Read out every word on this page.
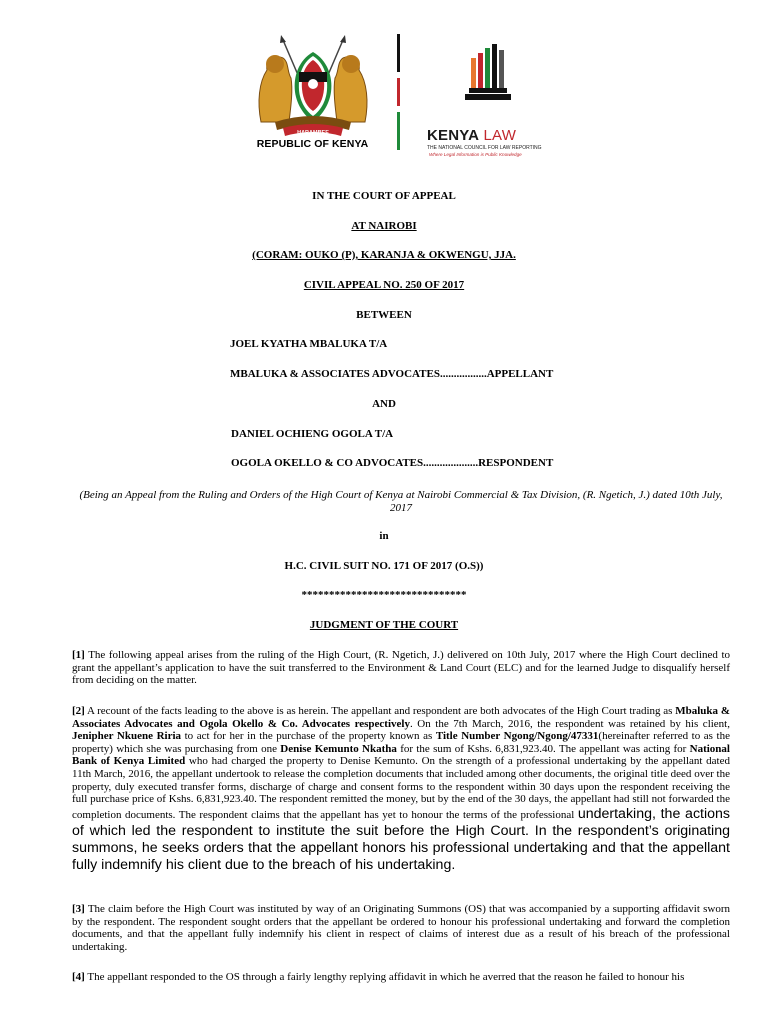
HARAMBEE
REPUBLIC OF KENYA	KENYA LAW
THE NATIONAL COUNCIL FOR LAW REPORTING
Where Legal Information is Public Knowledge
IN THE COURT OF APPEAL
AT NAIROBI
(CORAM: OUKO (P), KARANJA & OKWENGU, JJA.
CIVIL APPEAL NO. 250 OF 2017
BETWEEN
JOEL KYATHA MBALUKA T/A
MBALUKA & ASSOCIATES ADVOCATES.................APPELLANT
AND
DANIEL OCHIENG OGOLA T/A
OGOLA OKELLO & CO ADVOCATES....................RESPONDENT
(Being an Appeal from the Ruling and Orders of the High Court of Kenya at Nairobi Commercial & Tax Division, (R. Ngetich, J.) dated 10th July, 2017
in
H.C. CIVIL SUIT NO. 171 OF 2017 (O.S))
******************************
JUDGMENT OF THE COURT
[1] The following appeal arises from the ruling of the High Court, (R. Ngetich, J.) delivered on 10th July, 2017 where the High Court declined to grant the appellant’s application to have the suit transferred to the Environment & Land Court (ELC) and for the learned Judge to disqualify herself from deciding on the matter.
[2] A recount of the facts leading to the above is as herein. The appellant and respondent are both advocates of the High Court trading as Mbaluka & Associates Advocates and Ogola Okello & Co. Advocates respectively. On the 7th March, 2016, the respondent was retained by his client, Jenipher Nkuene Riria to act for her in the purchase of the property known as Title Number Ngong/Ngong/47331(hereinafter referred to as the property) which she was purchasing from one Denise Kemunto Nkatha for the sum of Kshs. 6,831,923.40. The appellant was acting for National Bank of Kenya Limited who had charged the property to Denise Kemunto. On the strength of a professional undertaking by the appellant dated 11th March, 2016, the appellant undertook to release the completion documents that included among other documents, the original title deed over the property, duly executed transfer forms, discharge of charge and consent forms to the respondent within 30 days upon the respondent receiving the full purchase price of Kshs. 6,831,923.40. The respondent remitted the money, but by the end of the 30 days, the appellant had still not forwarded the completion documents. The respondent claims that the appellant has yet to honour the terms of the professional undertaking, the actions of which led the respondent to institute the suit before the High Court. In the respondent’s originating summons, he seeks orders that the appellant honors his professional undertaking and that the appellant fully indemnify his client due to the breach of his undertaking.
[3] The claim before the High Court was instituted by way of an Originating Summons (OS) that was accompanied by a supporting affidavit sworn by the respondent. The respondent sought orders that the appellant be ordered to honour his professional undertaking and forward the completion documents, and that the appellant fully indemnify his client in respect of claims of interest due as a result of his breach of the professional undertaking.
[4] The appellant responded to the OS through a fairly lengthy replying affidavit in which he averred that the reason he failed to honour his
